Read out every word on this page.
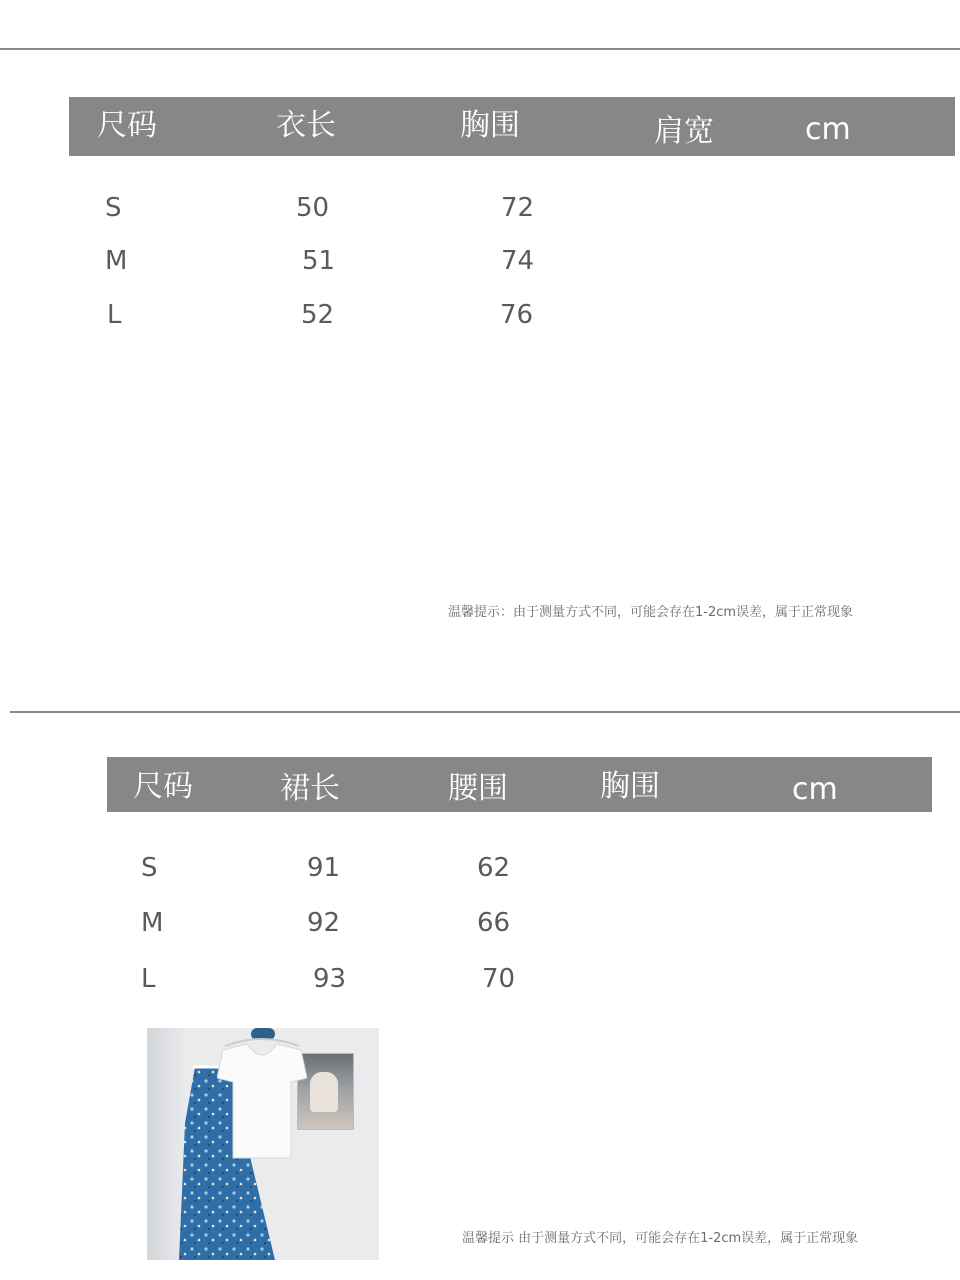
尺码	衣长	胸围	肩宽	cm
S	50	72
M	51	74
L	52	76
温馨提示：由于测量方式不同，可能会存在1-2cm误差，属于正常现象
尺码	裙长	腰围	胸围	cm
S	91	62
M	92	66
L	93	70
温馨提示 由于测量方式不同，可能会存在1-2cm误差，属于正常现象
